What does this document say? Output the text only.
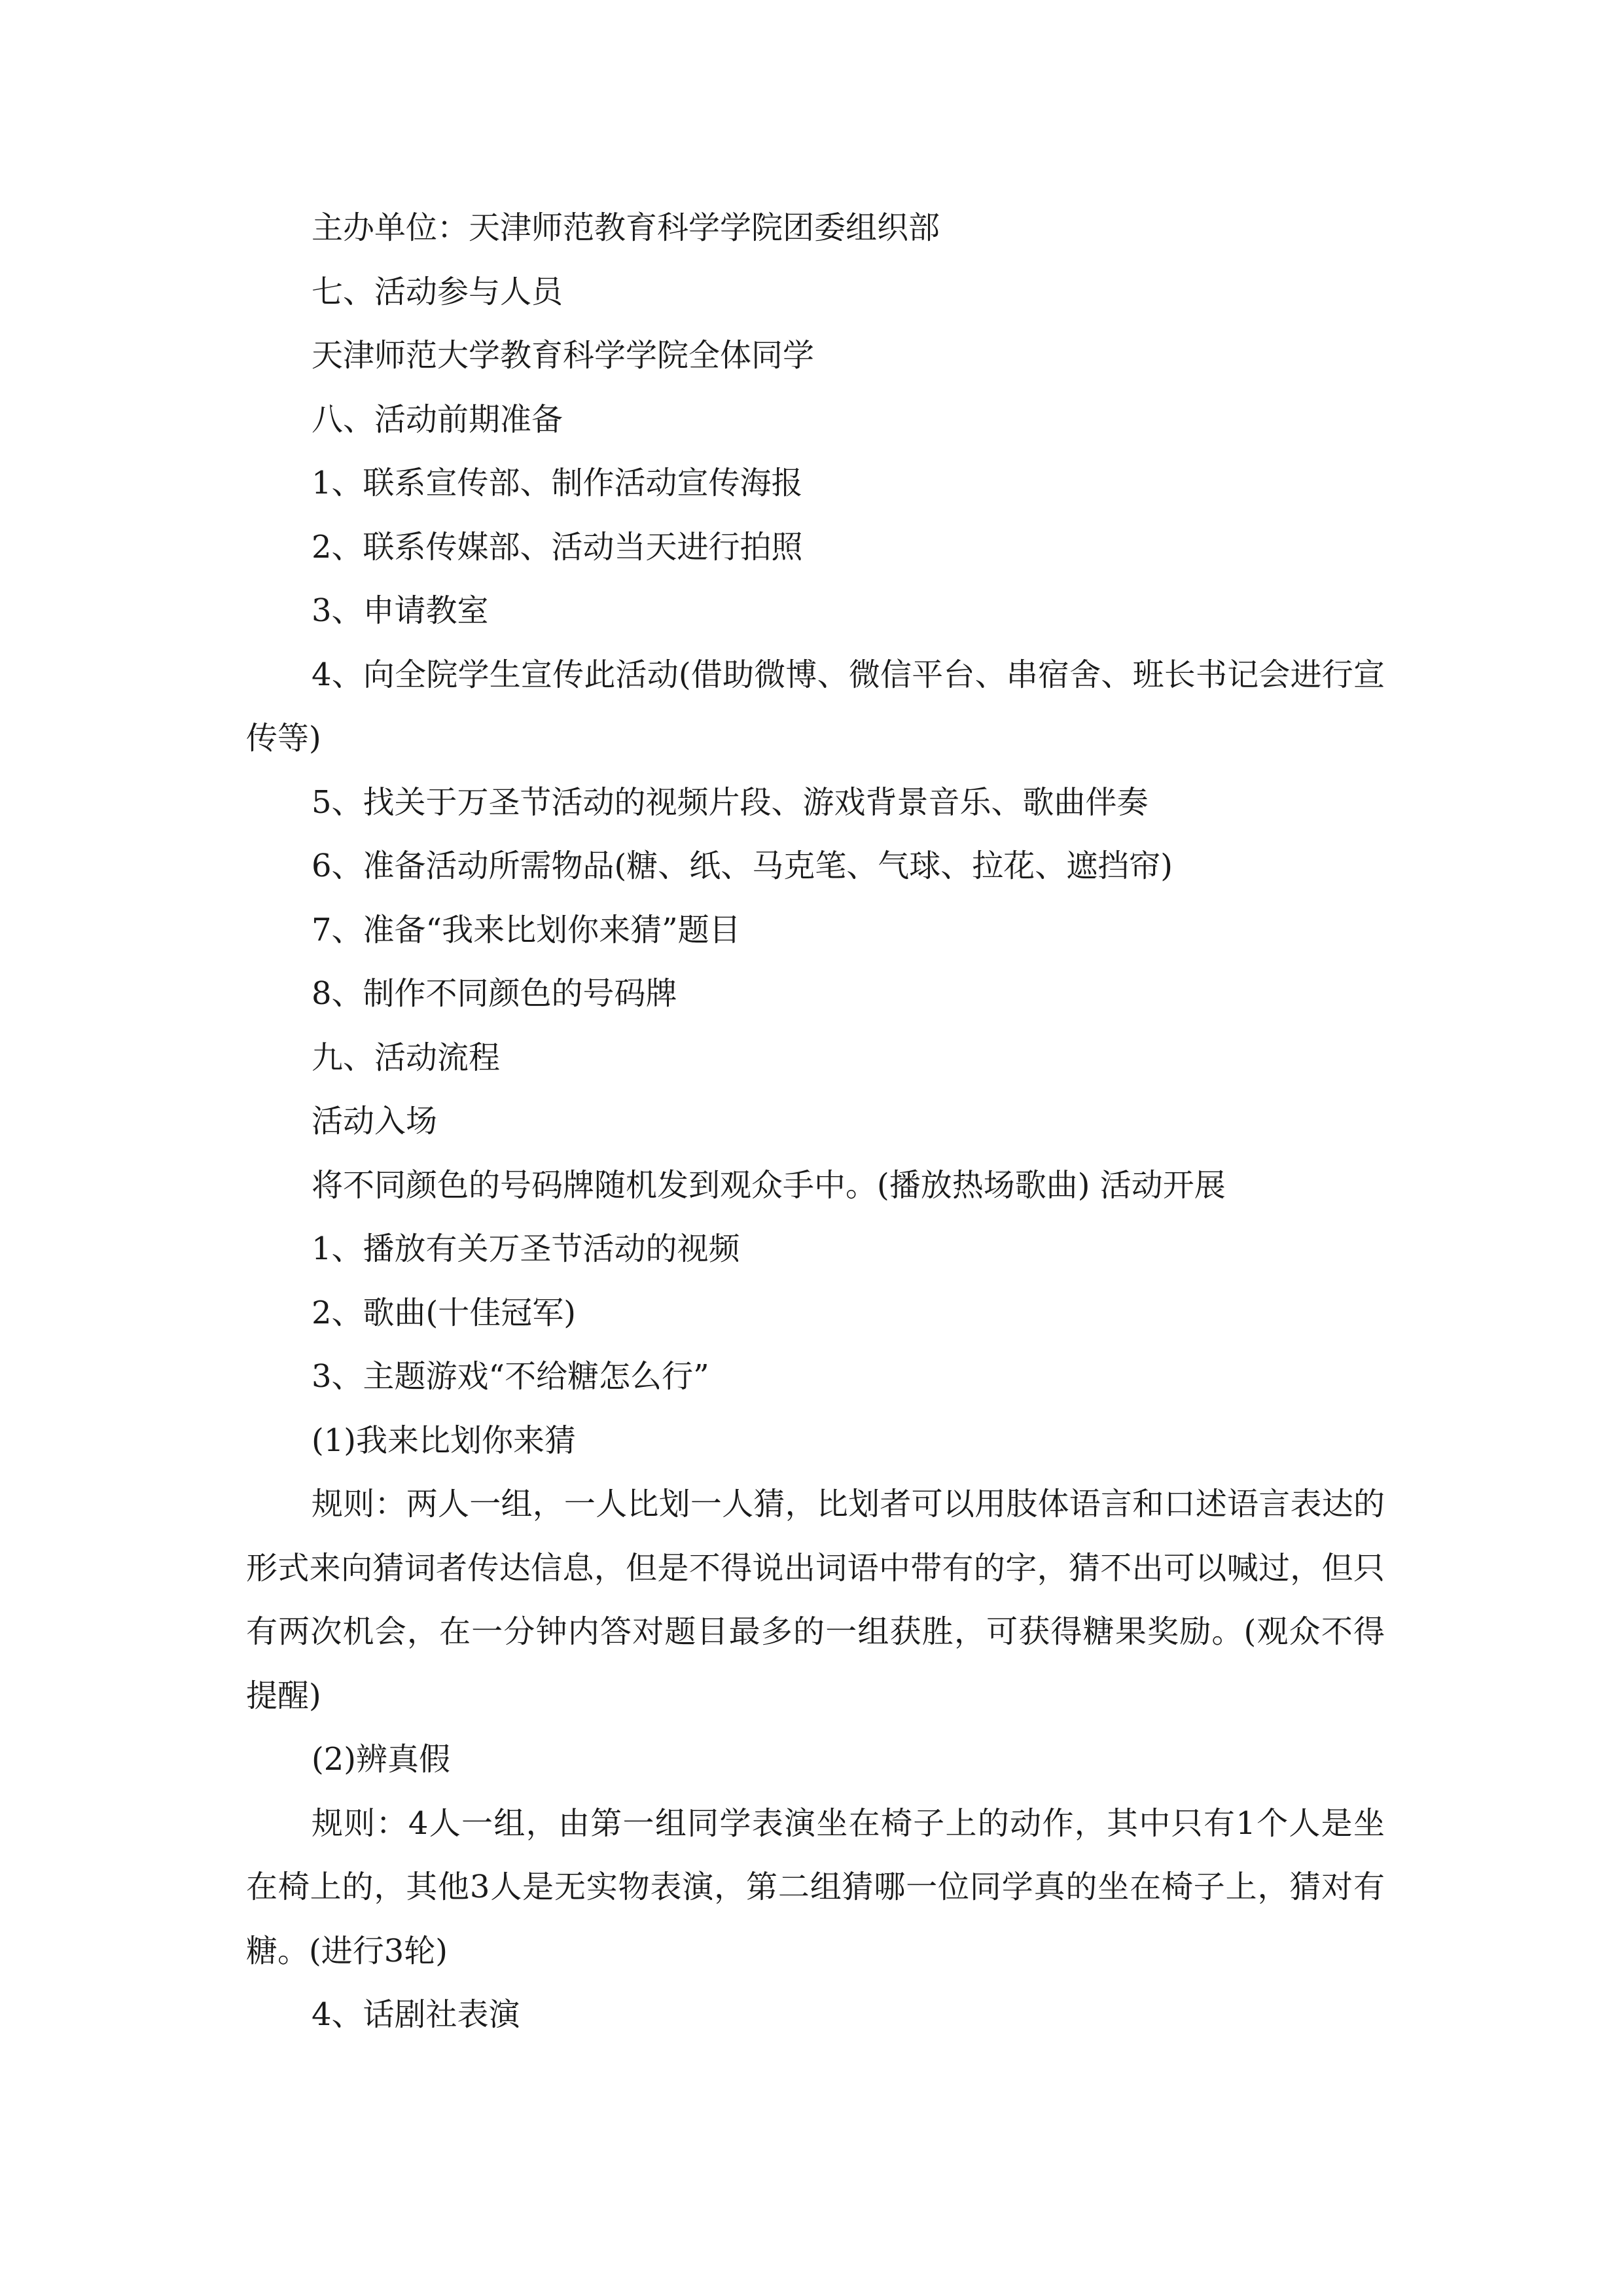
主办单位：天津师范教育科学学院团委组织部
七、活动参与人员
天津师范大学教育科学学院全体同学
八、活动前期准备
1、联系宣传部、制作活动宣传海报
2、联系传媒部、活动当天进行拍照
3、申请教室

4、向全院学生宣传此活动(借助微博、微信平台、串宿舍、班长书记会进行宣传等)

5、找关于万圣节活动的视频片段、游戏背景音乐、歌曲伴奏
6、准备活动所需物品(糖、纸、马克笔、气球、拉花、遮挡帘)
7、准备“我来比划你来猜”题目
8、制作不同颜色的号码牌
九、活动流程
活动入场
将不同颜色的号码牌随机发到观众手中。(播放热场歌曲) 活动开展
1、播放有关万圣节活动的视频
2、歌曲(十佳冠军)
3、主题游戏“不给糖怎么行”
(1)我来比划你来猜

规则：两人一组，一人比划一人猜，比划者可以用肢体语言和口述语言表达的形式来向猜词者传达信息，但是不得说出词语中带有的字，猜不出可以喊过，但只有两次机会，在一分钟内答对题目最多的一组获胜，可获得糖果奖励。(观众不得提醒)

(2)辨真假

规则：4人一组，由第一组同学表演坐在椅子上的动作，其中只有1个人是坐在椅上的，其他3人是无实物表演，第二组猜哪一位同学真的坐在椅子上，猜对有糖。(进行3轮)

4、话剧社表演
